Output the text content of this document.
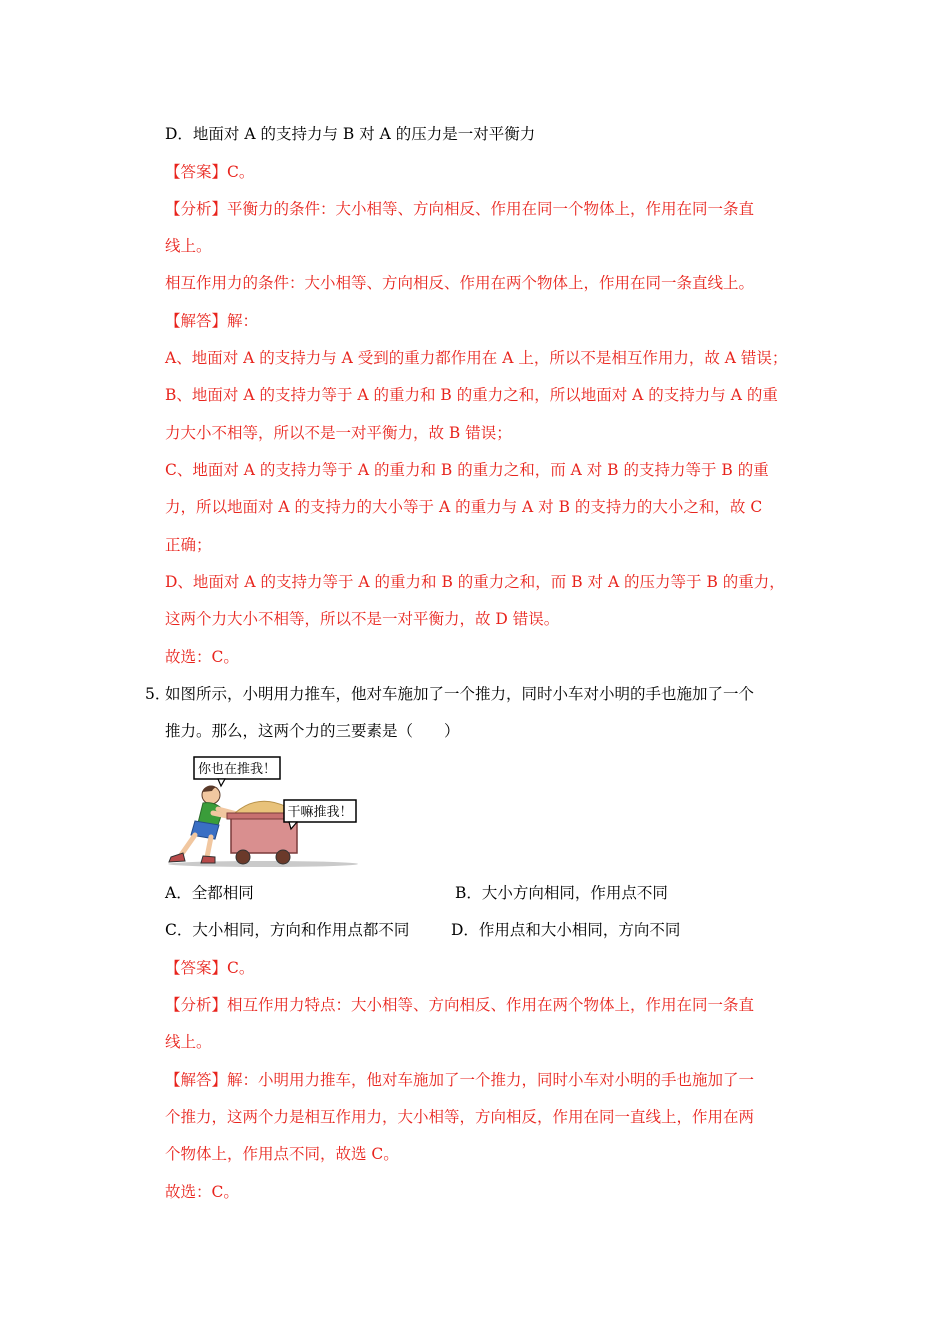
D．地面对 A 的支持力与 B 对 A 的压力是一对平衡力
【答案】C。
【分析】平衡力的条件：大小相等、方向相反、作用在同一个物体上，作用在同一条直
线上。
相互作用力的条件：大小相等、方向相反、作用在两个物体上，作用在同一条直线上。
【解答】解：
A、地面对 A 的支持力与 A 受到的重力都作用在 A 上，所以不是相互作用力，故 A 错误；
B、地面对 A 的支持力等于 A 的重力和 B 的重力之和，所以地面对 A 的支持力与 A 的重
力大小不相等，所以不是一对平衡力，故 B 错误；
C、地面对 A 的支持力等于 A 的重力和 B 的重力之和，而 A 对 B 的支持力等于 B 的重
力，所以地面对 A 的支持力的大小等于 A 的重力与 A 对 B 的支持力的大小之和，故 C
正确；
D、地面对 A 的支持力等于 A 的重力和 B 的重力之和，而 B 对 A 的压力等于 B 的重力，
这两个力大小不相等，所以不是一对平衡力，故 D 错误。
故选：C。
5．
如图所示，小明用力推车，他对车施加了一个推力，同时小车对小明的手也施加了一个
推力。那么，这两个力的三要素是（　　）
你也在推我！
干嘛推我！
A．全都相同	B．大小方向相同，作用点不同
C．大小相同，方向和作用点都不同	D．作用点和大小相同，方向不同
【答案】C。
【分析】相互作用力特点：大小相等、方向相反、作用在两个物体上，作用在同一条直
线上。
【解答】解：小明用力推车，他对车施加了一个推力，同时小车对小明的手也施加了一
个推力，这两个力是相互作用力，大小相等，方向相反，作用在同一直线上，作用在两
个物体上，作用点不同，故选 C。
故选：C。
